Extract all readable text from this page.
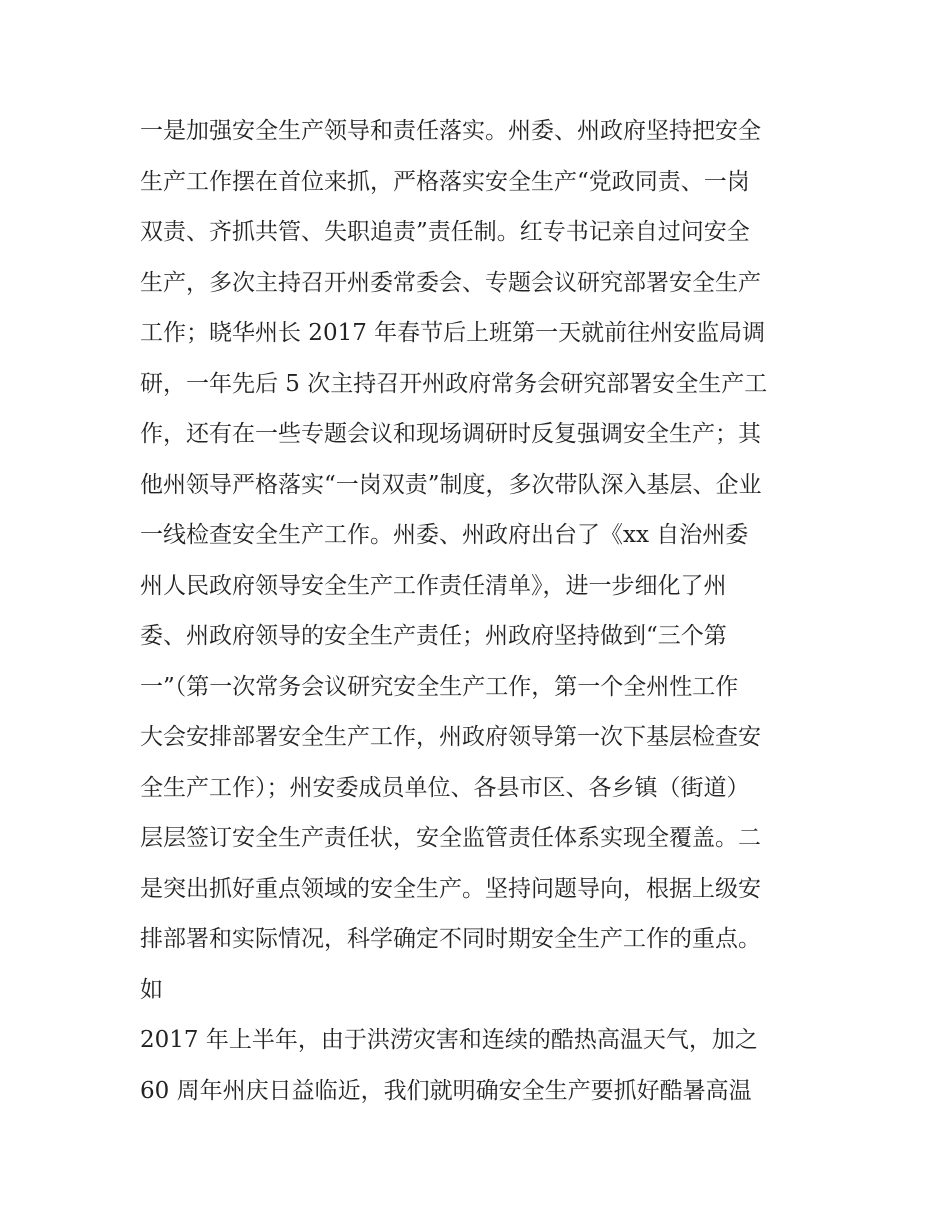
一是加强安全生产领导和责任落实。州委、州政府坚持把安全
生产工作摆在首位来抓，严格落实安全生产“党政同责、一岗
双责、齐抓共管、失职追责”责任制。红专书记亲自过问安全
生产，多次主持召开州委常委会、专题会议研究部署安全生产
工作；晓华州长 2017 年春节后上班第一天就前往州安监局调
研，一年先后 5 次主持召开州政府常务会研究部署安全生产工
作，还有在一些专题会议和现场调研时反复强调安全生产；其
他州领导严格落实“一岗双责”制度，多次带队深入基层、企业
一线检查安全生产工作。州委、州政府出台了《xx 自治州委
州人民政府领导安全生产工作责任清单》，进一步细化了州
委、州政府领导的安全生产责任；州政府坚持做到“三个第
一”（第一次常务会议研究安全生产工作，第一个全州性工作
大会安排部署安全生产工作，州政府领导第一次下基层检查安
全生产工作）；州安委成员单位、各县市区、各乡镇（街道）
层层签订安全生产责任状，安全监管责任体系实现全覆盖。二
是突出抓好重点领域的安全生产。坚持问题导向，根据上级安
排部署和实际情况，科学确定不同时期安全生产工作的重点。
如
2017 年上半年，由于洪涝灾害和连续的酷热高温天气，加之
60 周年州庆日益临近，我们就明确安全生产要抓好酷暑高温
